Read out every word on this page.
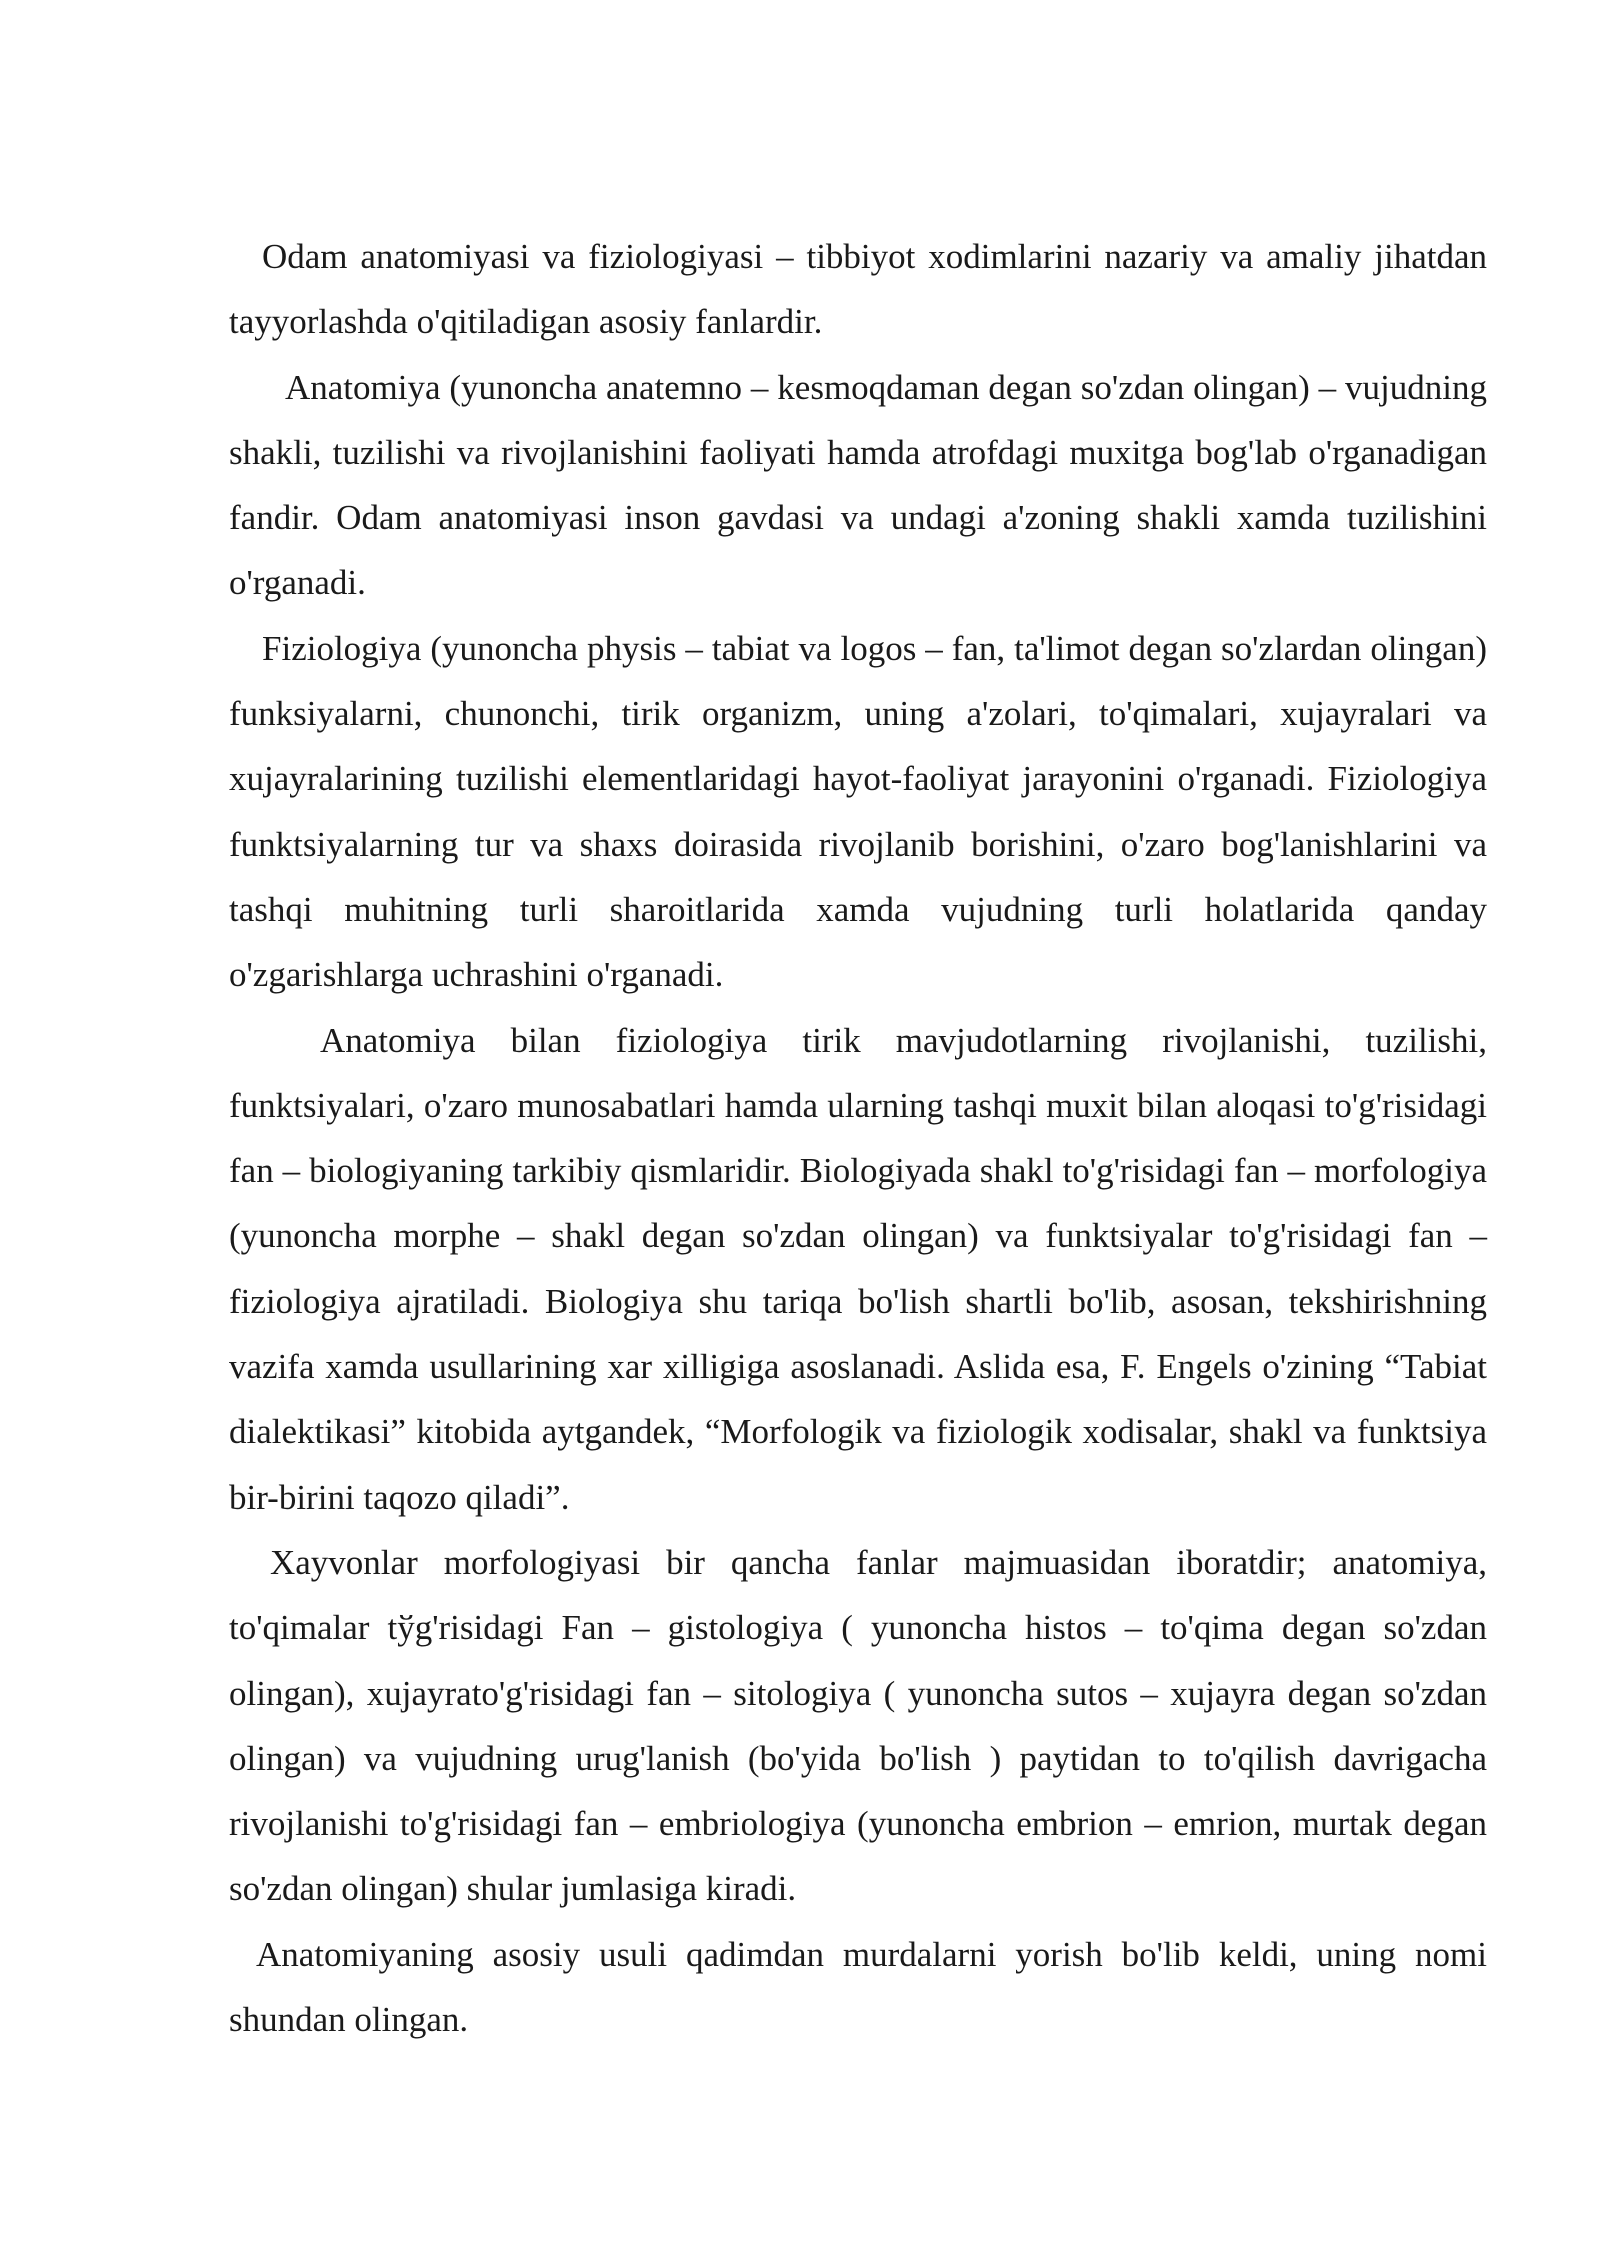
Odam anatomiyasi va fiziologiyasi – tibbiyot xodimlarini nazariy va amaliy jihatdan tayyorlashda o'qitiladigan asosiy fanlardir.

Anatomiya (yunoncha anatemno – kesmoqdaman degan so'zdan olingan) – vujudning shakli, tuzilishi va rivojlanishini faoliyati hamda atrofdagi muxitga bog'lab o'rganadigan fandir. Odam anatomiyasi inson gavdasi va undagi a'zoning shakli xamda tuzilishini o'rganadi.

Fiziologiya (yunoncha physis – tabiat va logos – fan, ta'limot degan so'zlardan olingan) funksiyalarni, chunonchi, tirik organizm, uning a'zolari, to'qimalari, xujayralari va xujayralarining tuzilishi elementlaridagi hayot-faoliyat jarayonini o'rganadi. Fiziologiya funktsiyalarning tur va shaxs doirasida rivojlanib borishini, o'zaro bog'lanishlarini va tashqi muhitning turli sharoitlarida xamda vujudning turli holatlarida qanday o'zgarishlarga uchrashini o'rganadi.

Anatomiya bilan fiziologiya tirik mavjudotlarning rivojlanishi, tuzilishi, funktsiyalari, o'zaro munosabatlari hamda ularning tashqi muxit bilan aloqasi to'g'risidagi fan – biologiyaning tarkibiy qismlaridir. Biologiyada shakl to'g'risidagi fan – morfologiya (yunoncha morphe – shakl degan so'zdan olingan) va funktsiyalar to'g'risidagi fan – fiziologiya ajratiladi. Biologiya shu tariqa bo'lish shartli bo'lib, asosan, tekshirishning vazifa xamda usullarining xar xilligiga asoslanadi. Aslida esa, F. Engels o'zining “Tabiat dialektikasi” kitobida aytgandek, “Morfologik va fiziologik xodisalar, shakl va funktsiya bir-birini taqozo qiladi”.

Xayvonlar morfologiyasi bir qancha fanlar majmuasidan iboratdir; anatomiya, to'qimalar tўg'risidagi Fan – gistologiya ( yunoncha histos – to'qima degan so'zdan olingan), xujayrato'g'risidagi fan – sitologiya ( yunoncha sutos – xujayra degan so'zdan olingan) va vujudning urug'lanish (bo'yida bo'lish ) paytidan to to'qilish davrigacha rivojlanishi to'g'risidagi fan – embriologiya (yunoncha embrion – emrion, murtak degan so'zdan olingan) shular jumlasiga kiradi.

Anatomiyaning asosiy usuli qadimdan murdalarni yorish bo'lib keldi, uning nomi shundan olingan.
